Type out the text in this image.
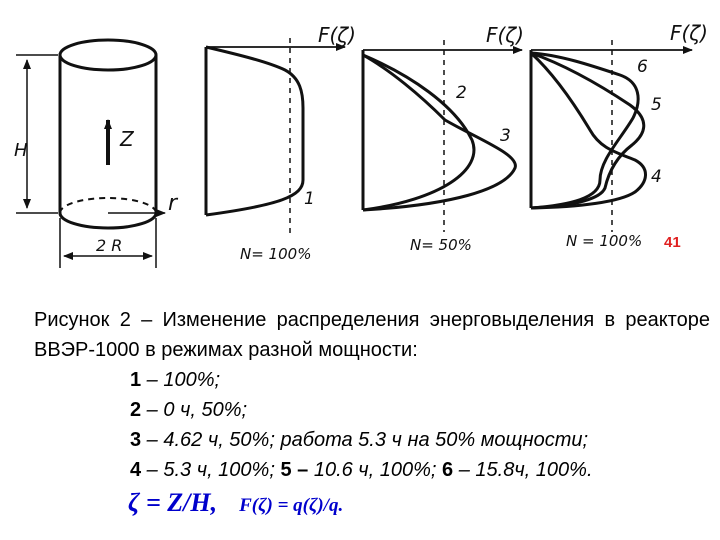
Z
H
r
2 R
F(ζ)
1
N= 100%
F(ζ)
2
3
N= 50%
F(ζ)
6
5
4
N = 100% 41
Рисунок 2 – Изменение распределения энерговыделения в реакторе ВВЭР-1000 в режимах разной мощности:
1 – 100%;
2 – 0 ч, 50%;
3 – 4.62 ч, 50%; работа 5.3 ч на 50% мощности;
4 – 5.3 ч, 100%; 5 – 10.6 ч, 100%; 6 – 15.8ч, 100%.
ζ = Z/H, F(ζ) = q(ζ)/q.
